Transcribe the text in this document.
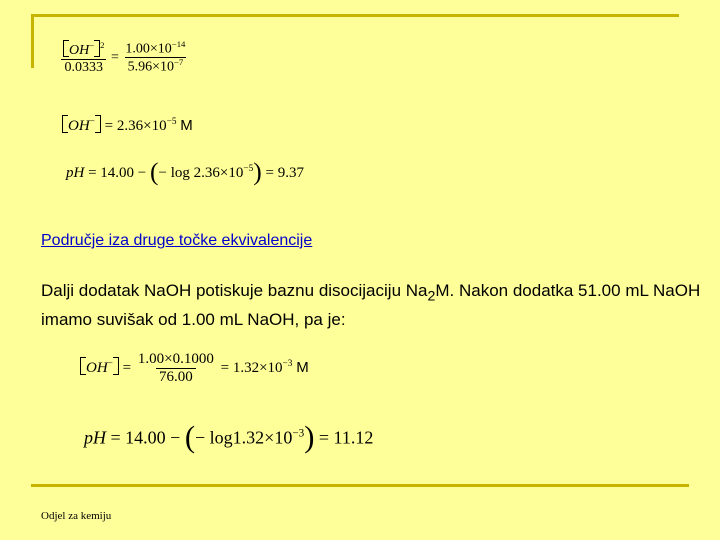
$\frac{OH^- ^2}{0.0333} = \frac{1.00\times 10^{-14}}{5.96\times 10^{-7}}$
$OH^- = 2.36\times 10^{-5}$ M
pH = 14.00 − (− $\log 2.36\times 10^{-5}) = 9.37$
Područje iza druge točke ekvivalencije

Dalji dodatak NaOH potiskuje baznu disocijaciju $Na_2M$. Nakon dodatka 51.00 mL NaOH imamo suvišak od 1.00 mL NaOH, pa je:

$OH^- = \frac{1.00\times 0.1000}{76.00} = 1.32\times 10^{-3}$ M
pH = 14.00 − (− $\log 1.32\times 10^{-3}) = 11.12$
Odjel za kemiju
